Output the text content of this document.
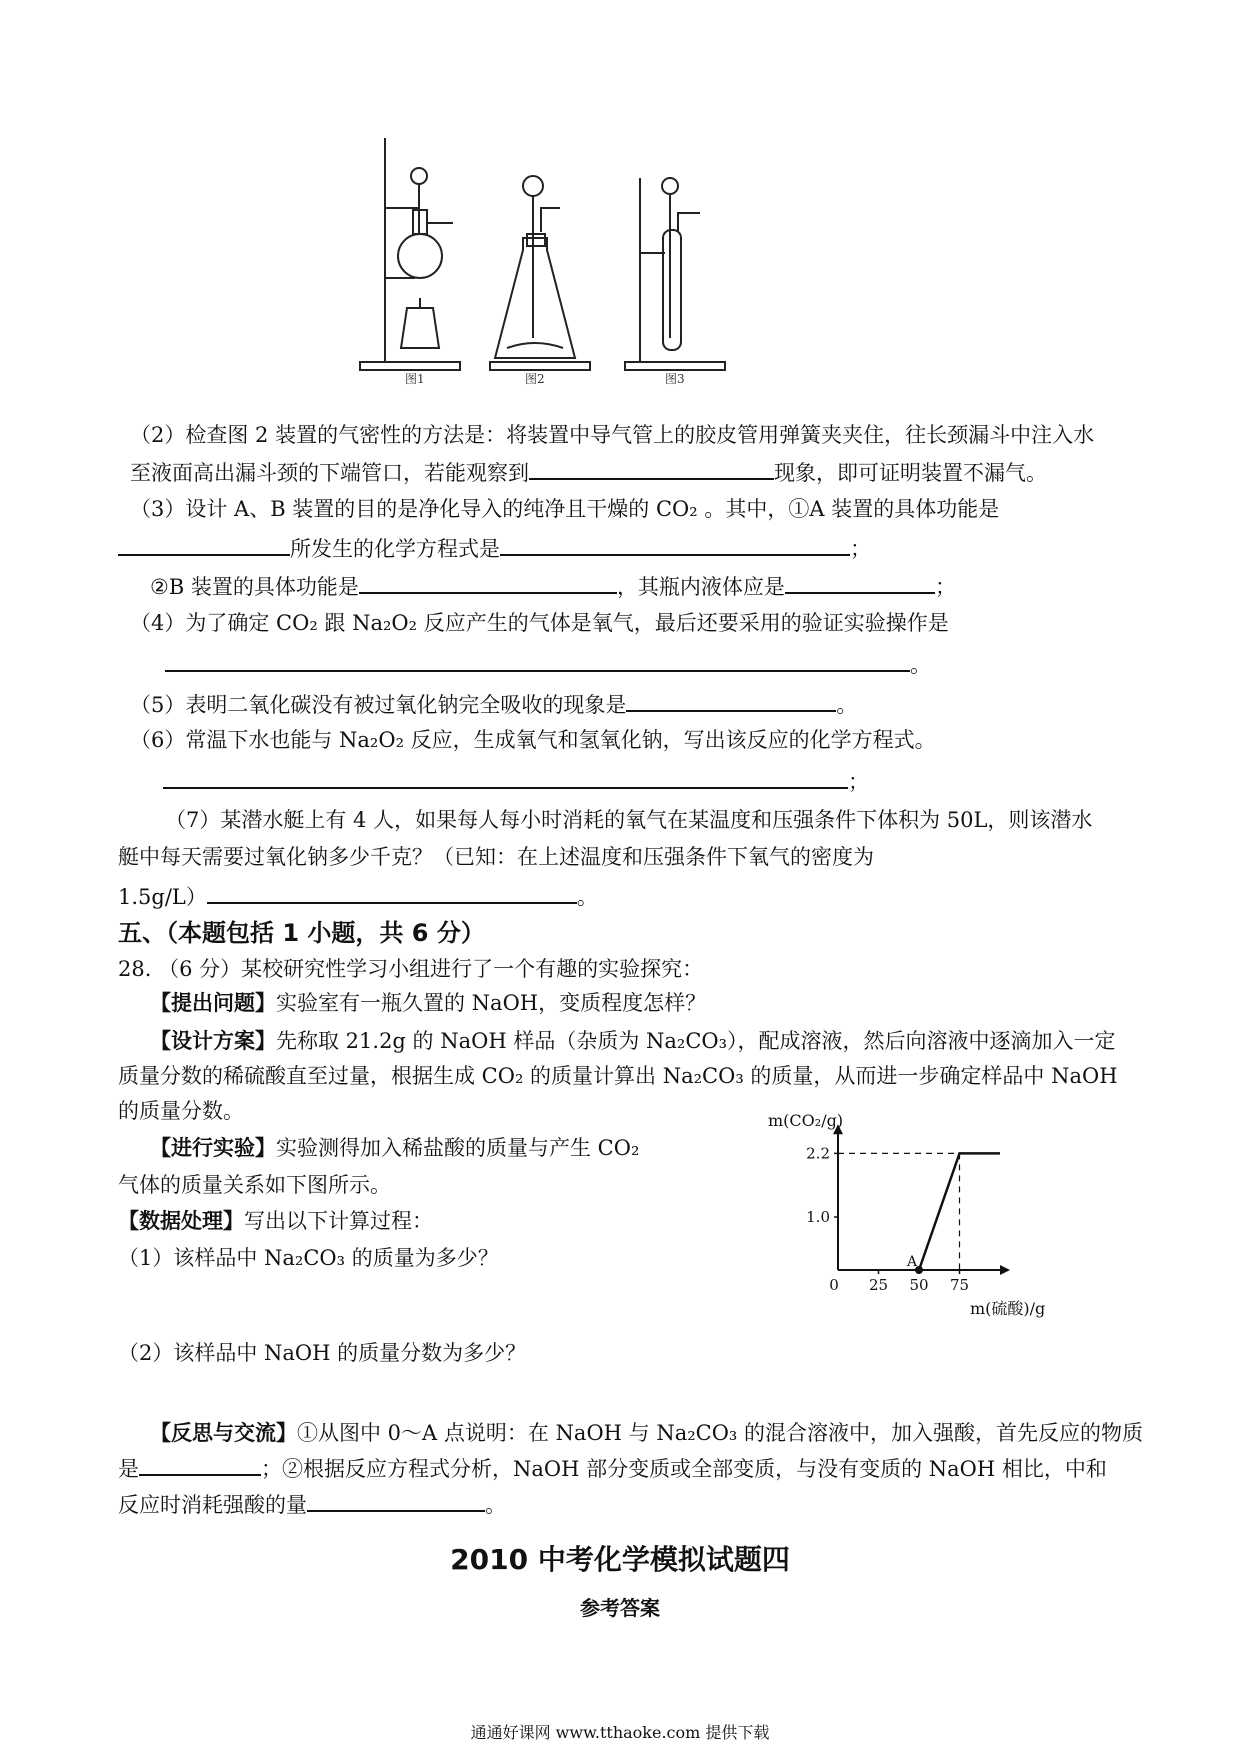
图1	图2	图3
（2）检查图 2 装置的气密性的方法是：将装置中导气管上的胶皮管用弹簧夹夹住，往长颈漏斗中注入水
至液面高出漏斗颈的下端管口，若能观察到	现象，即可证明装置不漏气。
（3）设计 A、B 装置的目的是净化导入的纯净且干燥的 CO₂ 。其中，①A 装置的具体功能是
所发生的化学方程式是	；
②B 装置的具体功能是	，其瓶内液体应是	；
（4）为了确定 CO₂ 跟 Na₂O₂ 反应产生的气体是氧气，最后还要采用的验证实验操作是
。
（5）表明二氧化碳没有被过氧化钠完全吸收的现象是	。
（6）常温下水也能与 Na₂O₂ 反应，生成氧气和氢氧化钠，写出该反应的化学方程式。
；
（7）某潜水艇上有 4 人，如果每人每小时消耗的氧气在某温度和压强条件下体积为 50L，则该潜水
艇中每天需要过氧化钠多少千克？（已知：在上述温度和压强条件下氧气的密度为
1.5g/L）	。
五、（本题包括 1 小题，共 6 分）
28. （6 分）某校研究性学习小组进行了一个有趣的实验探究：
【提出问题】实验室有一瓶久置的 NaOH，变质程度怎样？
【设计方案】先称取 21.2g 的 NaOH 样品（杂质为 Na₂CO₃），配成溶液，然后向溶液中逐滴加入一定
质量分数的稀硫酸直至过量，根据生成 CO₂ 的质量计算出 Na₂CO₃ 的质量，从而进一步确定样品中 NaOH
的质量分数。
【进行实验】实验测得加入稀盐酸的质量与产生 CO₂
气体的质量关系如下图所示。
【数据处理】写出以下计算过程：
（1）该样品中 Na₂CO₃ 的质量为多少？
（2）该样品中 NaOH 的质量分数为多少？
【反思与交流】①从图中 0～A 点说明：在 NaOH 与 Na₂CO₃ 的混合溶液中，加入强酸，首先反应的物质
是	；②根据反应方程式分析，NaOH 部分变质或全部变质，与没有变质的 NaOH 相比，中和
反应时消耗强酸的量	。
1.0
2.2
0 25 50 75
A
m(CO₂/g)
m(硫酸)/g
2010 中考化学模拟试题四
参考答案
通通好课网 www.tthaoke.com 提供下载
